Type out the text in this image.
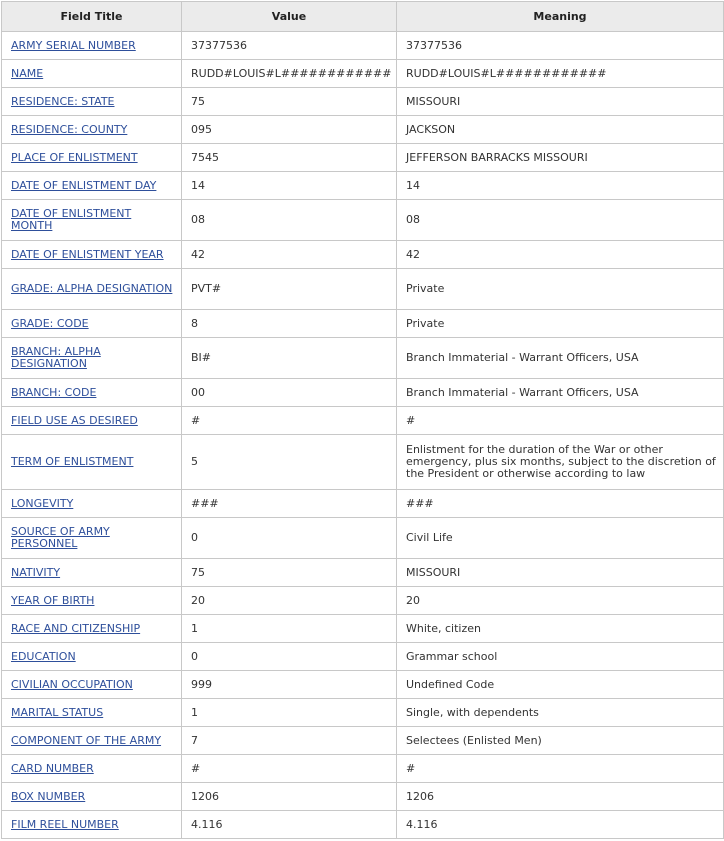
Field Title	Value	Meaning
ARMY SERIAL NUMBER	37377536	37377536
NAME	RUDD#LOUIS#L############	RUDD#LOUIS#L############
RESIDENCE: STATE	75	MISSOURI
RESIDENCE: COUNTY	095	JACKSON
PLACE OF ENLISTMENT	7545	JEFFERSON BARRACKS MISSOURI
DATE OF ENLISTMENT DAY	14	14
DATE OF ENLISTMENT MONTH	08	08
DATE OF ENLISTMENT YEAR	42	42
GRADE: ALPHA DESIGNATION	PVT#	Private
GRADE: CODE	8	Private
BRANCH: ALPHA DESIGNATION	BI#	Branch Immaterial - Warrant Officers, USA
BRANCH: CODE	00	Branch Immaterial - Warrant Officers, USA
FIELD USE AS DESIRED	#	#
TERM OF ENLISTMENT	5	Enlistment for the duration of the War or other emergency, plus six months, subject to the discretion of the President or otherwise according to law
LONGEVITY	###	###
SOURCE OF ARMY PERSONNEL	0	Civil Life
NATIVITY	75	MISSOURI
YEAR OF BIRTH	20	20
RACE AND CITIZENSHIP	1	White, citizen
EDUCATION	0	Grammar school
CIVILIAN OCCUPATION	999	Undefined Code
MARITAL STATUS	1	Single, with dependents
COMPONENT OF THE ARMY	7	Selectees (Enlisted Men)
CARD NUMBER	#	#
BOX NUMBER	1206	1206
FILM REEL NUMBER	4.116	4.116
